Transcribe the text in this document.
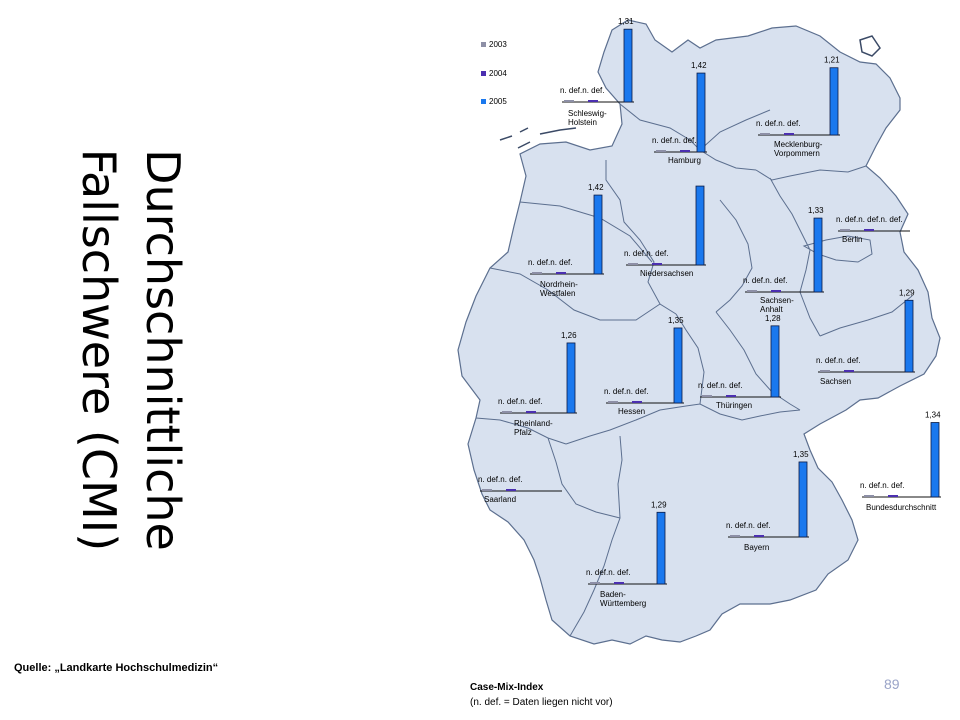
Durchschnittliche
Fallschwere (CMI)
n. def.n. def.
1,31
Schleswig-
Holstein
n. def.n. def.
1,42
Hamburg
n. def.n. def.
1,21
Mecklenburg-
Vorpommern
n. def.n. def.
1,42
Nordrhein-
Westfalen
n. def.n. def.
Niedersachsen
n. def.n. def.
1,33
Sachsen-
Anhalt
n. def.n. def.n. def.
Berlin
n. def.n. def.
1,29
Sachsen
n. def.n. def.
1,35
Hessen
n. def.n. def.
1,28
Thüringen
n. def.n. def.
1,26
Rheinland-
Pfalz
n. def.n. def.
Saarland
n. def.n. def.
1,34
Bundesdurchschnitt
n. def.n. def.
1,35
Bayern
n. def.n. def.
1,29
Baden-
Württemberg
2003
2004
2005
Case-Mix-Index
(n. def. = Daten liegen nicht vor)
Quelle: „Landkarte Hochschulmedizin“
89
